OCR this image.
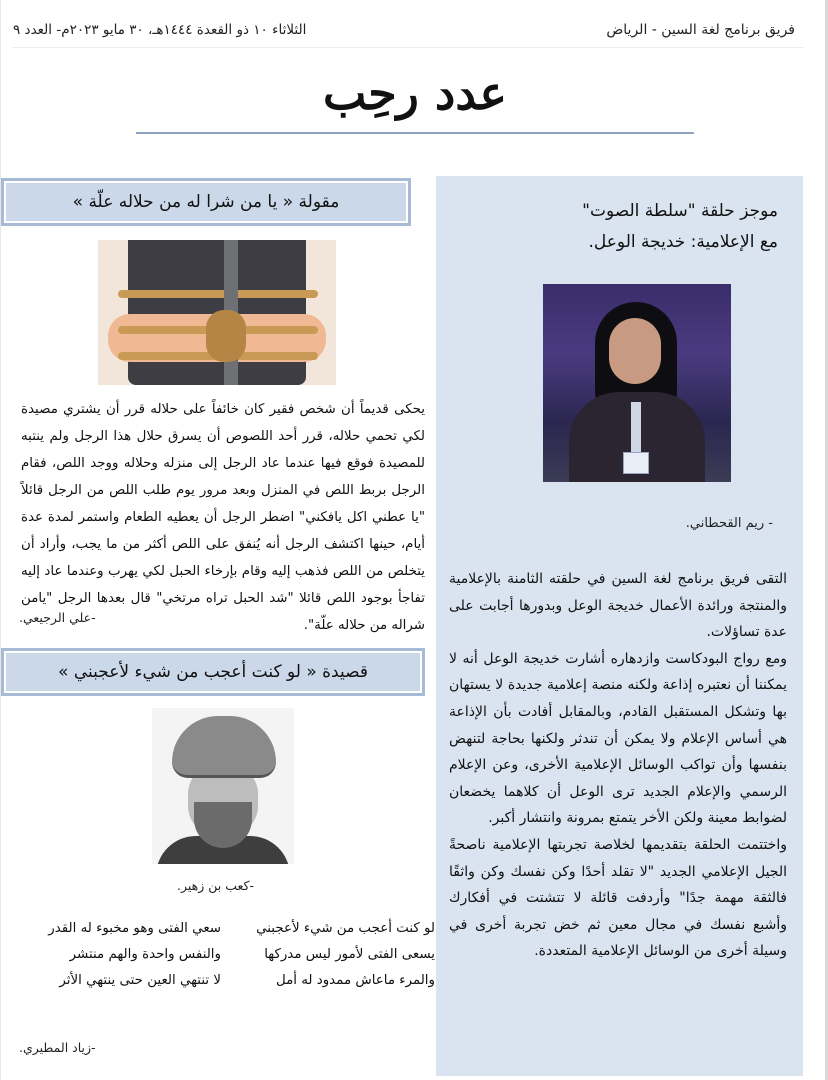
فريق برنامج لغة السين - الرياض
الثلاثاء ١٠ ذو القعدة ١٤٤٤هـ، ٣٠ مايو ٢٠٢٣م- العدد ٩
عدد رحِب
موجز حلقة "سلطة الصوت"
مع الإعلامية: خديجة الوعل.
- ريم القحطاني.

التقى فريق برنامج لغة السين في حلقته الثامنة بالإعلامية والمنتجة ورائدة الأعمال خديجة الوعل وبدورها أجابت على عدة تساؤلات.

ومع رواج البودكاست وازدهاره أشارت خديجة الوعل أنه لا يمكننا أن نعتبره إذاعة ولكنه منصة إعلامية جديدة لا يستهان بها وتشكل المستقبل القادم، وبالمقابل أفادت بأن الإذاعة هي أساس الإعلام ولا يمكن أن تندثر ولكنها بحاجة لتنهض بنفسها وأن تواكب الوسائل الإعلامية الأخرى، وعن الإعلام الرسمي والإعلام الجديد ترى الوعل أن كلاهما يخضعان لضوابط معينة ولكن الأخر يتمتع بمرونة وانتشار أكبر.

واختتمت الحلقة بتقديمها لخلاصة تجربتها الإعلامية ناصحةً الجيل الإعلامي الجديد "لا تقلد أحدًا وكن نفسك وكن واثقًا فالثقة مهمة جدًا" وأردفت قائلة لا تتشتت في أفكارك وأشبع نفسك في مجال معين ثم خض تجربة أخرى في وسيلة أخرى من الوسائل الإعلامية المتعددة.

مقولة « يا من شرا له من حلاله علّة »
يحكى قديماً أن شخص فقير كان خائفاً على حلاله قرر أن يشتري مصيدة لكي تحمي حلاله، قرر أحد اللصوص أن يسرق حلال هذا الرجل ولم ينتبه للمصيدة فوقع فيها عندما عاد الرجل إلى منزله وحلاله ووجد اللص، فقام الرجل بربط اللص في المنزل وبعد مرور يوم طلب اللص من الرجل قائلاً "يا عطني اكل يافكني" اضطر الرجل أن يعطيه الطعام واستمر لمدة عدة أيام، حينها اكتشف الرجل أنه يُنفق على اللص أكثر من ما يجب، وأراد أن يتخلص من اللص فذهب إليه وقام بإرخاء الحبل لكي يهرب وعندما عاد إليه تفاجأ بوجود اللص قائلا "شد الحبل تراه مرتخي" قال بعدها الرجل "يامن شراله من حلاله علّة".
-علي الرجيعي.
قصيدة « لو كنت أعجب من شيء لأعجبني »
-كعب بن زهير.
لو كنت أعجب من شيء لأعجبني
يسعى الفتى لأمور ليس مدركها
والمرء ماعاش ممدود له أمل
سعي الفتى وهو مخبوء له القدر
والنفس واحدة والهم منتشر
لا تنتهي العين حتى ينتهي الأثر
-زياد المطيري.
